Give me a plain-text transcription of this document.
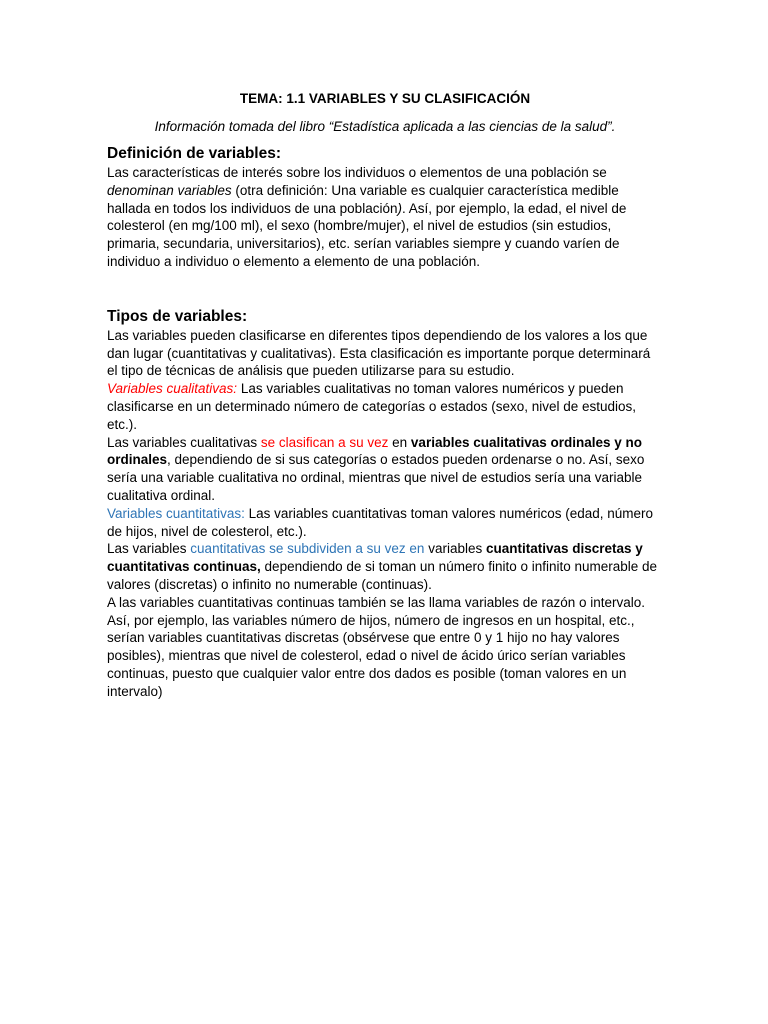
TEMA: 1.1 VARIABLES Y SU CLASIFICACIÓN

Información tomada del libro “Estadística aplicada a las ciencias de la salud”.

Definición de variables:

Las características de interés sobre los individuos o elementos de una población se denominan variables (otra definición: Una variable es cualquier característica medible hallada en todos los individuos de una población). Así, por ejemplo, la edad, el nivel de colesterol (en mg/100 ml), el sexo (hombre/mujer), el nivel de estudios (sin estudios, primaria, secundaria, universitarios), etc. serían variables siempre y cuando varíen de individuo a individuo o elemento a elemento de una población.

Tipos de variables:

Las variables pueden clasificarse en diferentes tipos dependiendo de los valores a los que dan lugar (cuantitativas y cualitativas). Esta clasificación es importante porque determinará el tipo de técnicas de análisis que pueden utilizarse para su estudio.

Variables cualitativas: Las variables cualitativas no toman valores numéricos y pueden clasificarse en un determinado número de categorías o estados (sexo, nivel de estudios, etc.).

Las variables cualitativas se clasifican a su vez en variables cualitativas ordinales y no ordinales, dependiendo de si sus categorías o estados pueden ordenarse o no. Así, sexo sería una variable cualitativa no ordinal, mientras que nivel de estudios sería una variable cualitativa ordinal.

Variables cuantitativas: Las variables cuantitativas toman valores numéricos (edad, número de hijos, nivel de colesterol, etc.).

Las variables cuantitativas se subdividen a su vez en variables cuantitativas discretas y cuantitativas continuas, dependiendo de si toman un número finito o infinito numerable de valores (discretas) o infinito no numerable (continuas).

A las variables cuantitativas continuas también se las llama variables de razón o intervalo. Así, por ejemplo, las variables número de hijos, número de ingresos en un hospital, etc., serían variables cuantitativas discretas (obsérvese que entre 0 y 1 hijo no hay valores posibles), mientras que nivel de colesterol, edad o nivel de ácido úrico serían variables continuas, puesto que cualquier valor entre dos dados es posible (toman valores en un intervalo)
